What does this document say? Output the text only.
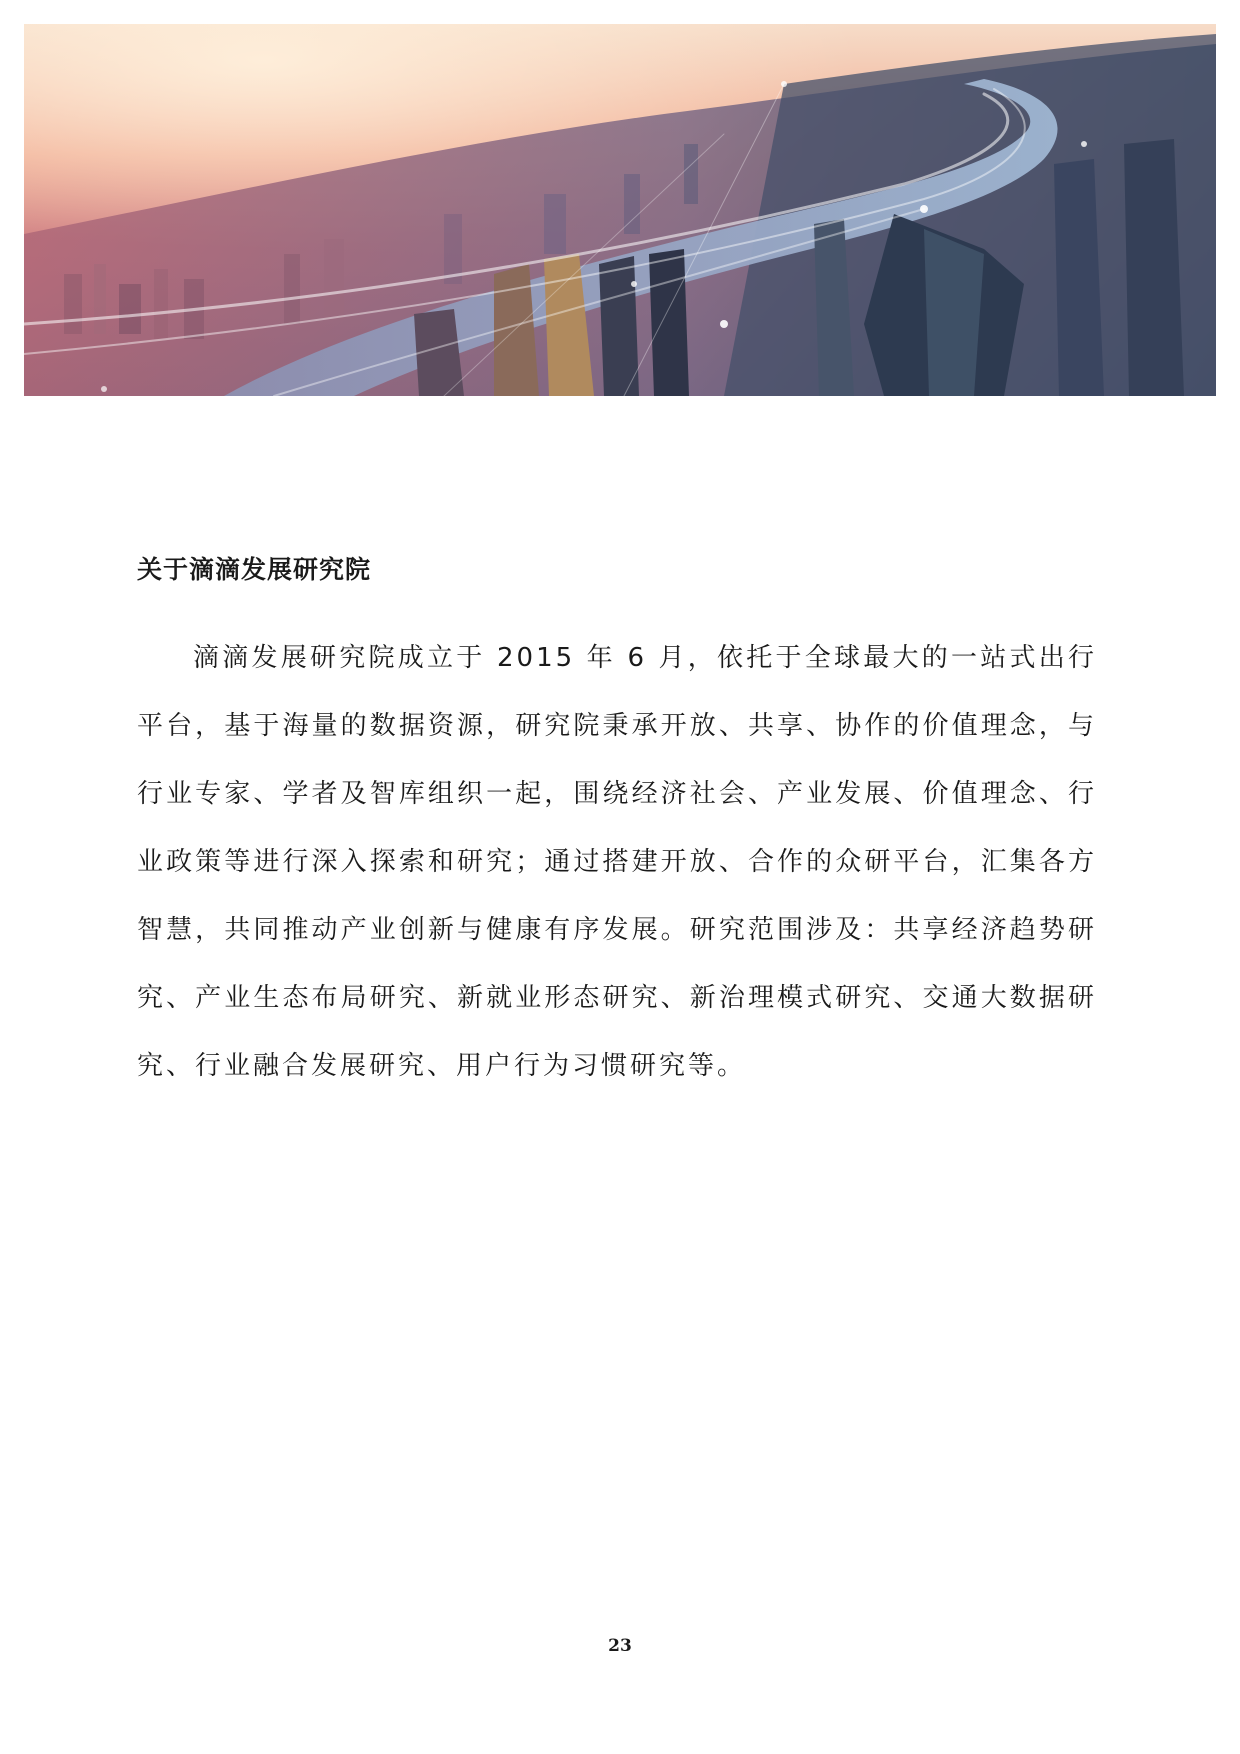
关于滴滴发展研究院

滴滴发展研究院成立于 2015 年 6 月，依托于全球最大的一站式出行平台，基于海量的数据资源，研究院秉承开放、共享、协作的价值理念，与行业专家、学者及智库组织一起，围绕经济社会、产业发展、价值理念、行业政策等进行深入探索和研究；通过搭建开放、合作的众研平台，汇集各方智慧，共同推动产业创新与健康有序发展。研究范围涉及：共享经济趋势研究、产业生态布局研究、新就业形态研究、新治理模式研究、交通大数据研究、行业融合发展研究、用户行为习惯研究等。

23
